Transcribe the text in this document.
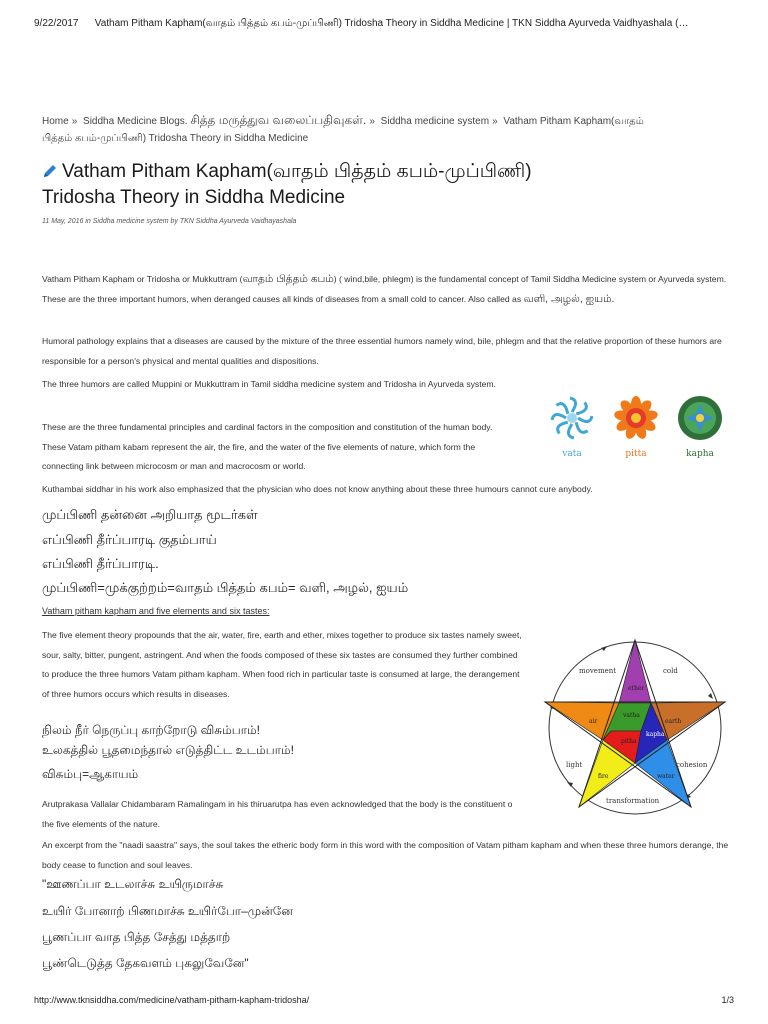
9/22/2017 Vatham Pitham Kapham(வாதம் பித்தம் கபம்-முப்பிணி) Tridosha Theory in Siddha Medicine | TKN Siddha Ayurveda Vaidhyashala (…
Home » Siddha Medicine Blogs. சித்த மருத்துவ வலைப்பதிவுகள். » Siddha medicine system » Vatham Pitham Kapham(வாதம்
பித்தம் கபம்-முப்பிணி) Tridosha Theory in Siddha Medicine
Vatham Pitham Kapham(வாதம் பித்தம் கபம்-முப்பிணி)
Tridosha Theory in Siddha Medicine
11 May, 2016 in Siddha medicine system by TKN Siddha Ayurveda Vaidhayashala
Vatham Pitham Kapham or Tridosha or Mukkuttram (வாதம் பித்தம் கபம்) ( wind,bile, phlegm) is the fundamental concept of Tamil Siddha Medicine system or Ayurveda system. These are the three important humors, when deranged causes all kinds of diseases from a small cold to cancer. Also called as வளி, அழல், ஐயம்.
Humoral pathology explains that a diseases are caused by the mixture of the three essential humors namely wind, bile, phlegm and that the relative proportion of these humors are responsible for a person's physical and mental qualities and dispositions.
The three humors are called Muppini or Mukkuttram in Tamil siddha medicine system and Tridosha in Ayurveda system.
These are the three fundamental principles and cardinal factors in the composition and constitution of the human body. These Vatam pitham kabam represent the air, the fire, and the water of the five elements of nature, which form the connecting link between microcosm or man and macrocosm or world.
Kuthambai siddhar in his work also emphasized that the physician who does not know anything about these three humours cannot cure anybody.
முப்பிணி தன்னை அறியாத மூடர்கள்
எப்பிணி தீர்ப்பாரடி குதம்பாய்
எப்பிணி தீர்ப்பாரடி.
முப்பிணி=முக்குற்றம்=வாதம் பித்தம் கபம்= வளி, அழல், ஐயம்
Vatham pitham kapham and five elements and six tastes:
The five element theory propounds that the air, water, fire, earth and ether, mixes together to produce six tastes namely sweet, sour, salty, bitter, pungent, astringent. And when the foods composed of these six tastes are consumed they further combined to produce the three humors Vatam pitham kapham. When food rich in particular taste is consumed at large, the derangement of three humors occurs which results in diseases.
நிலம் நீர் நெருப்பு காற்றோடு விசும்பாம்!
உலகத்தில் பூதமைந்தால் எடுத்திட்ட உடம்பாம்!
விசும்பு=ஆகாயம்
Arutprakasa Vallalar Chidambaram Ramalingam in his thiruarutpa has even acknowledged that the body is the constituent o the five elements of the nature.
An excerpt from the "naadi saastra" says, the soul takes the etheric body form in this word with the composition of Vatam pitham kapham and when these three humors derange, the body cease to function and soul leaves.
"ஊணப்பா உடலாச்சு உயிருமாச்சு
உயிர் போனாற் பிணமாச்சு உயிர்போ–முன்னே
பூணப்பா வாத பித்த சேத்து மத்தாற்
பூண்டெடுத்த தேகவளம் புகலுவேனே"
vata	pitta	kapha
movement	cold
light	cohesion
transformation
ether
air	earth
fire	water
vatha
pitha
kapha
http://www.tknsiddha.com/medicine/vatham-pitham-kapham-tridosha/	1/3
